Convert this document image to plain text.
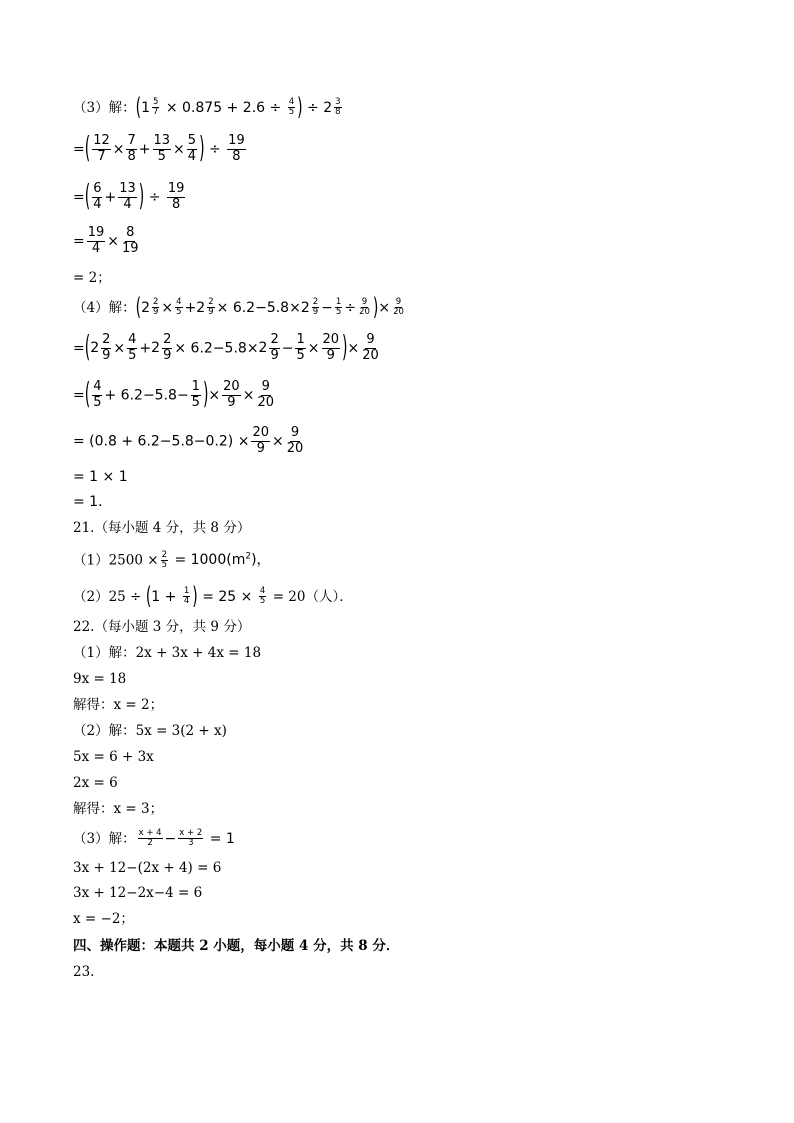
（3）解：( 1 5
$7 \times 0.875 + 2.6 \div \frac{4}{5}$ ) ÷ 2 3
8
=( $\frac{12}{7} \times \frac{7}{8} + \frac{13}{5} \times \frac{5}{4}$ ) ÷ $\frac{19}{8}$
=( $\frac{6}{4} + \frac{13}{4}$ ) ÷ $\frac{19}{8}$
= $\frac{19}{4} \times \frac{8}{19}$
= 2；
（4）解：( 2 2
$9 \times \frac{4}{5} + 2$ 2
9 × 6.2−5.8× 2 2
$9 - \frac{1}{5} \div \frac{9}{20}$ )× $\frac{9}{20}$
=( 2
2
$9 \times \frac{4}{5} + 2$
2
9 × 6.2−5.8× 2
2
$9 - \frac{1}{5} \times \frac{20}{9}$ )× $\frac{9}{20}$
=( $\frac{4}{5} + 6.2-5.8- \frac{1}{5}$ )× $\frac{20}{9} \times \frac{9}{20}$
= $(0.8 + 6.2-5.8-0.2) \times \frac{20}{9} \times \frac{9}{20}$
= 1 × 1
= 1．
21.（每小题 4 分，共 8 分）
$(1)2500 \times \frac{2}{5} = 1000(m^2)$，
$(2)25 \div (1 + \frac{1}{4}$ ) = $25 \times \frac{4}{5} = 20$（人）．
22.（每小题 3 分，共 9 分）
（1）解：2x + 3x + 4x = 18
9x = 18
解得：x = 2；
（2）解：5x = 3(2 + x)
5x = 6 + 3x
2x = 6
解得：x = 3；
（3）解： $\frac{x + 4}{2} - \frac{x + 2}{3} = 1$
3x + 12−(2x + 4) = 6
3x + 12−2x−4 = 6
x = −2；
四、操作题：本题共 2 小题，每小题 4 分，共 8 分．
23.
